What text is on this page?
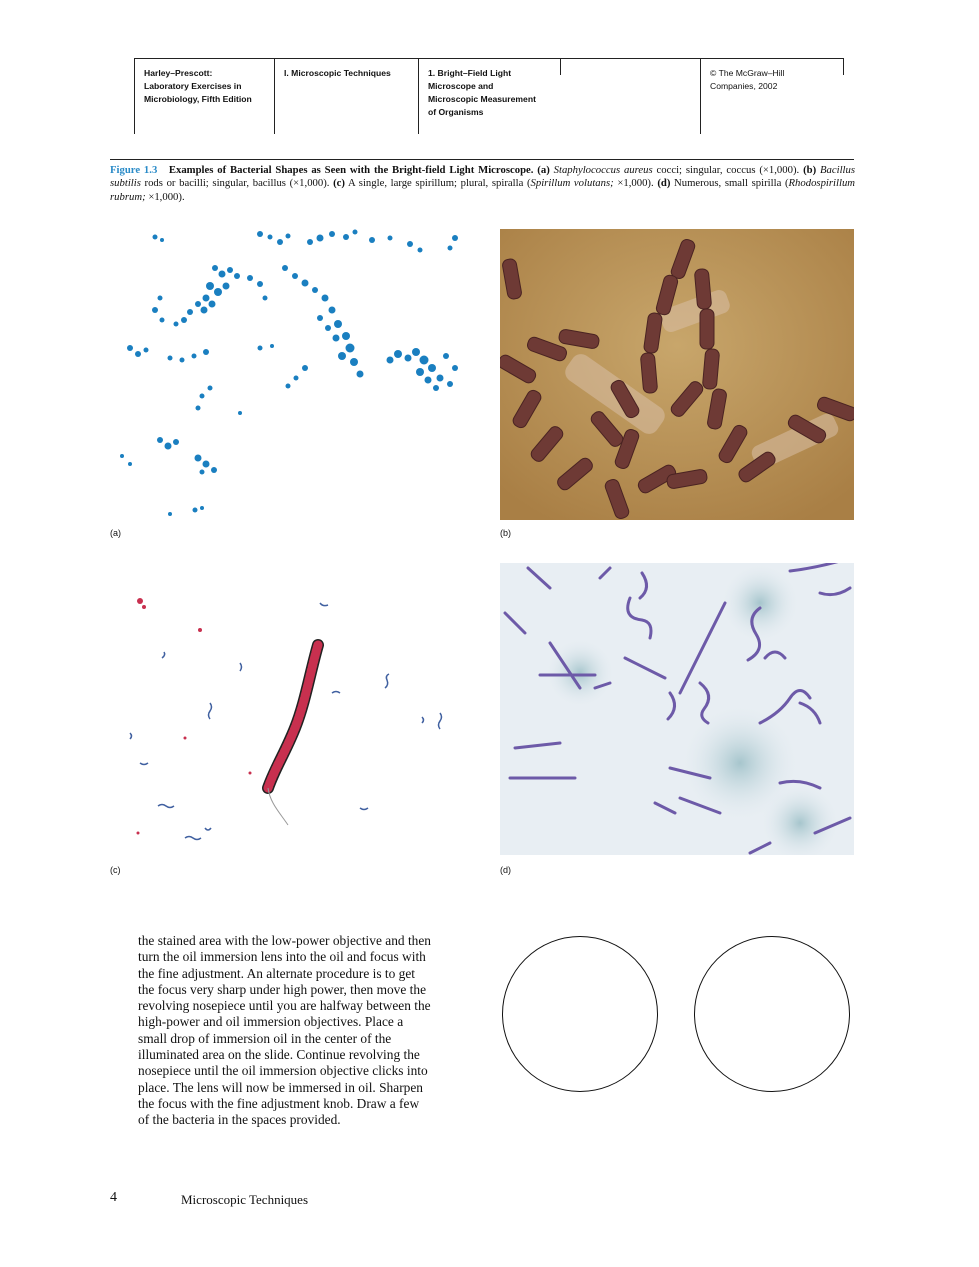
Harley–Prescott:
Laboratory Exercises in
Microbiology, Fifth Edition
I. Microscopic Techniques	1. Bright–Field Light
Microscope and
Microscopic Measurement
of Organisms
© The McGraw–Hill
Companies, 2002
Figure 1.3 Examples of Bacterial Shapes as Seen with the Bright-field Light Microscope. (a) Staphylococcus aureus cocci; singular, coccus (×1,000). (b) Bacillus subtilis rods or bacilli; singular, bacillus (×1,000). (c) A single, large spirillum; plural, spiralla (Spirillum volutans; ×1,000). (d) Numerous, small spirilla (Rhodospirillum rubrum; ×1,000).
(a)	(b)
(c)	(d)
the stained area with the low-power objective and then
turn the oil immersion lens into the oil and focus with
the fine adjustment. An alternate procedure is to get
the focus very sharp under high power, then move the
revolving nosepiece until you are halfway between the
high-power and oil immersion objectives. Place a
small drop of immersion oil in the center of the
illuminated area on the slide. Continue revolving the
nosepiece until the oil immersion objective clicks into
place. The lens will now be immersed in oil. Sharpen
the focus with the fine adjustment knob. Draw a few
of the bacteria in the spaces provided.
4	Microscopic Techniques
